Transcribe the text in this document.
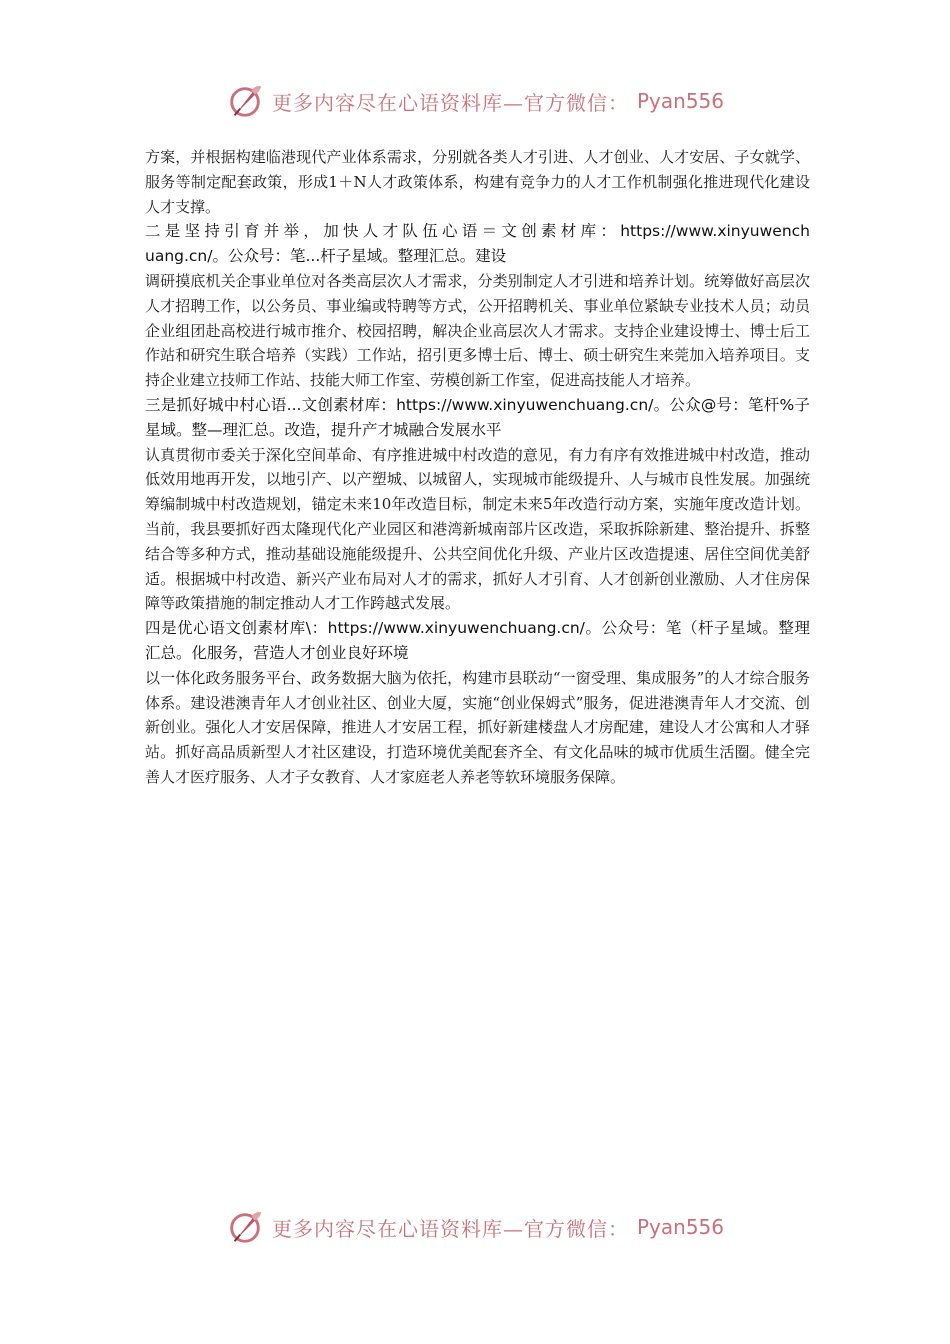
更多内容尽在心语资料库—官方微信： Pyan556

方案，并根据构建临港现代产业体系需求，分别就各类人才引进、人才创业、人才安居、子女就学、服务等制定配套政策，形成1＋N人才政策体系，构建有竞争力的人才工作机制强化推进现代化建设人才支撑。

二是坚持引育并举，加快人才队伍心语＝文创素材库：https://www.xinyuwenchuang.cn/。公众号：笔...杆子星域。整理汇总。建设

调研摸底机关企事业单位对各类高层次人才需求，分类别制定人才引进和培养计划。统筹做好高层次人才招聘工作，以公务员、事业编或特聘等方式，公开招聘机关、事业单位紧缺专业技术人员；动员企业组团赴高校进行城市推介、校园招聘，解决企业高层次人才需求。支持企业建设博士、博士后工作站和研究生联合培养（实践）工作站，招引更多博士后、博士、硕士研究生来莞加入培养项目。支持企业建立技师工作站、技能大师工作室、劳模创新工作室，促进高技能人才培养。

三是抓好城中村心语...文创素材库：https://www.xinyuwenchuang.cn/。公众@号：笔杆%子星域。整—理汇总。改造，提升产才城融合发展水平

认真贯彻市委关于深化空间革命、有序推进城中村改造的意见，有力有序有效推进城中村改造，推动低效用地再开发，以地引产、以产塑城、以城留人，实现城市能级提升、人与城市良性发展。加强统筹编制城中村改造规划，锚定未来10年改造目标，制定未来5年改造行动方案，实施年度改造计划。当前，我县要抓好西太隆现代化产业园区和港湾新城南部片区改造，采取拆除新建、整治提升、拆整结合等多种方式，推动基础设施能级提升、公共空间优化升级、产业片区改造提速、居住空间优美舒适。根据城中村改造、新兴产业布局对人才的需求，抓好人才引育、人才创新创业激励、人才住房保障等政策措施的制定推动人才工作跨越式发展。

四是优心语文创素材库\：https://www.xinyuwenchuang.cn/。公众号：笔（杆子星域。整理汇总。化服务，营造人才创业良好环境

以一体化政务服务平台、政务数据大脑为依托，构建市县联动“一窗受理、集成服务”的人才综合服务体系。建设港澳青年人才创业社区、创业大厦，实施“创业保姆式”服务，促进港澳青年人才交流、创新创业。强化人才安居保障，推进人才安居工程，抓好新建楼盘人才房配建，建设人才公寓和人才驿站。抓好高品质新型人才社区建设，打造环境优美配套齐全、有文化品味的城市优质生活圈。健全完善人才医疗服务、人才子女教育、人才家庭老人养老等软环境服务保障。

更多内容尽在心语资料库—官方微信： Pyan556
